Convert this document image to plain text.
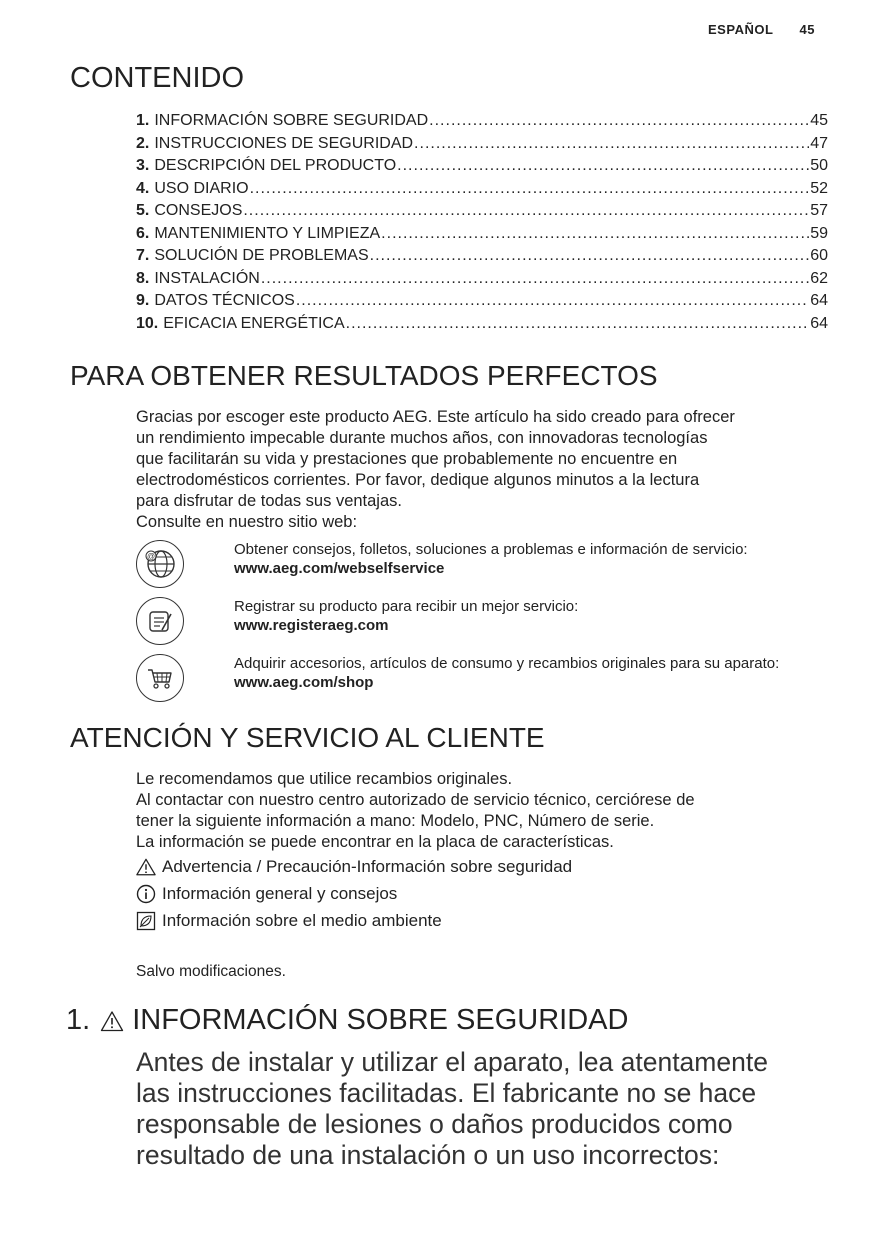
ESPAÑOL 45
CONTENIDO
1. INFORMACIÓN SOBRE SEGURIDAD .....	45
2. INSTRUCCIONES DE SEGURIDAD .....	47
3. DESCRIPCIÓN DEL PRODUCTO .....	50
4. USO DIARIO .....	52
5. CONSEJOS .....	57
6. MANTENIMIENTO Y LIMPIEZA .....	59
7. SOLUCIÓN DE PROBLEMAS .....	60
8. INSTALACIÓN .....	62
9. DATOS TÉCNICOS .....	64
10. EFICACIA ENERGÉTICA .....	64
PARA OBTENER RESULTADOS PERFECTOS
Gracias por escoger este producto AEG. Este artículo ha sido creado para ofrecer
un rendimiento impecable durante muchos años, con innovadoras tecnologías
que facilitarán su vida y prestaciones que probablemente no encuentre en
electrodomésticos corrientes. Por favor, dedique algunos minutos a la lectura
para disfrutar de todas sus ventajas.
Consulte en nuestro sitio web:
@	Obtener consejos, folletos, soluciones a problemas e información de servicio:
www.aeg.com/webselfservice
Registrar su producto para recibir un mejor servicio:
www.registeraeg.com
Adquirir accesorios, artículos de consumo y recambios originales para su aparato:
www.aeg.com/shop
ATENCIÓN Y SERVICIO AL CLIENTE
Le recomendamos que utilice recambios originales.
Al contactar con nuestro centro autorizado de servicio técnico, cerciórese de
tener la siguiente información a mano: Modelo, PNC, Número de serie.
La información se puede encontrar en la placa de características.
Advertencia / Precaución-Información sobre seguridad
Información general y consejos
Información sobre el medio ambiente
Salvo modificaciones.
1. INFORMACIÓN SOBRE SEGURIDAD
Antes de instalar y utilizar el aparato, lea atentamente
las instrucciones facilitadas. El fabricante no se hace
responsable de lesiones o daños producidos como
resultado de una instalación o un uso incorrectos:
